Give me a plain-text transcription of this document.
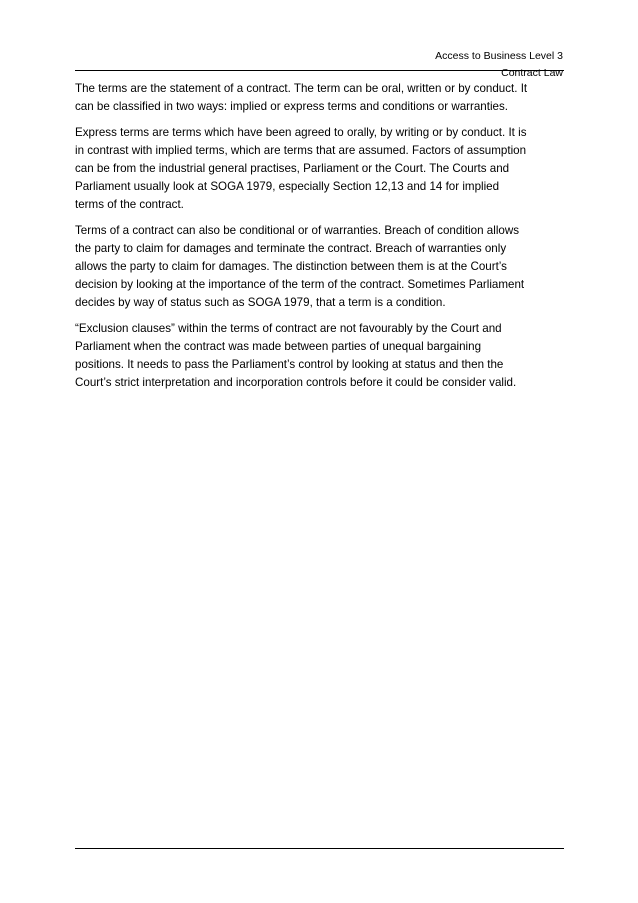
Access to Business Level 3
Contract Law

The terms are the statement of a contract. The term can be oral, written or by conduct. It
can be classified in two ways: implied or express terms and conditions or warranties.

Express terms are terms which have been agreed to orally, by writing or by conduct. It is
in contrast with implied terms, which are terms that are assumed. Factors of assumption
can be from the industrial general practises, Parliament or the Court. The Courts and
Parliament usually look at SOGA 1979, especially Section 12,13 and 14 for implied
terms of the contract.

Terms of a contract can also be conditional or of warranties. Breach of condition allows
the party to claim for damages and terminate the contract. Breach of warranties only
allows the party to claim for damages. The distinction between them is at the Court’s
decision by looking at the importance of the term of the contract. Sometimes Parliament
decides by way of status such as SOGA 1979, that a term is a condition.

“Exclusion clauses” within the terms of contract are not favourably by the Court and
Parliament when the contract was made between parties of unequal bargaining
positions. It needs to pass the Parliament’s control by looking at status and then the
Court’s strict interpretation and incorporation controls before it could be consider valid.
